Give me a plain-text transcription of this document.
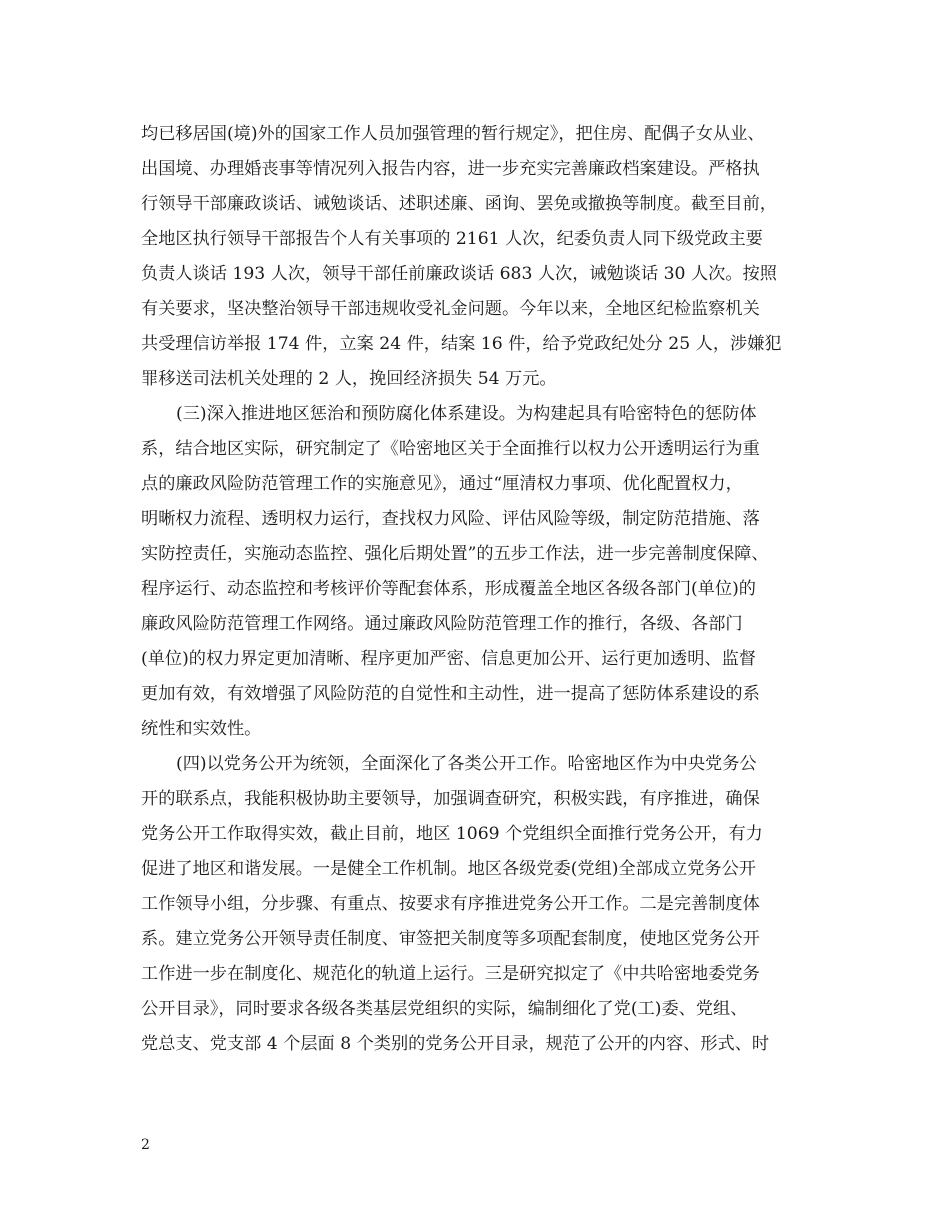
均已移居国(境)外的国家工作人员加强管理的暂行规定》，把住房、配偶子女从业、
出国境、办理婚丧事等情况列入报告内容，进一步充实完善廉政档案建设。严格执
行领导干部廉政谈话、诫勉谈话、述职述廉、函询、罢免或撤换等制度。截至目前，
全地区执行领导干部报告个人有关事项的 2161 人次，纪委负责人同下级党政主要
负责人谈话 193 人次，领导干部任前廉政谈话 683 人次，诫勉谈话 30 人次。按照
有关要求，坚决整治领导干部违规收受礼金问题。今年以来，全地区纪检监察机关
共受理信访举报 174 件，立案 24 件，结案 16 件，给予党政纪处分 25 人，涉嫌犯
罪移送司法机关处理的 2 人，挽回经济损失 54 万元。
(三)深入推进地区惩治和预防腐化体系建设。为构建起具有哈密特色的惩防体
系，结合地区实际，研究制定了《哈密地区关于全面推行以权力公开透明运行为重
点的廉政风险防范管理工作的实施意见》，通过“厘清权力事项、优化配置权力，
明晰权力流程、透明权力运行，查找权力风险、评估风险等级，制定防范措施、落
实防控责任，实施动态监控、强化后期处置”的五步工作法，进一步完善制度保障、
程序运行、动态监控和考核评价等配套体系，形成覆盖全地区各级各部门(单位)的
廉政风险防范管理工作网络。通过廉政风险防范管理工作的推行，各级、各部门
(单位)的权力界定更加清晰、程序更加严密、信息更加公开、运行更加透明、监督
更加有效，有效增强了风险防范的自觉性和主动性，进一提高了惩防体系建设的系
统性和实效性。
(四)以党务公开为统领，全面深化了各类公开工作。哈密地区作为中央党务公
开的联系点，我能积极协助主要领导，加强调查研究，积极实践，有序推进，确保
党务公开工作取得实效，截止目前，地区 1069 个党组织全面推行党务公开，有力
促进了地区和谐发展。一是健全工作机制。地区各级党委(党组)全部成立党务公开
工作领导小组，分步骤、有重点、按要求有序推进党务公开工作。二是完善制度体
系。建立党务公开领导责任制度、审签把关制度等多项配套制度，使地区党务公开
工作进一步在制度化、规范化的轨道上运行。三是研究拟定了《中共哈密地委党务
公开目录》，同时要求各级各类基层党组织的实际，编制细化了党(工)委、党组、
党总支、党支部 4 个层面 8 个类别的党务公开目录，规范了公开的内容、形式、时
2
